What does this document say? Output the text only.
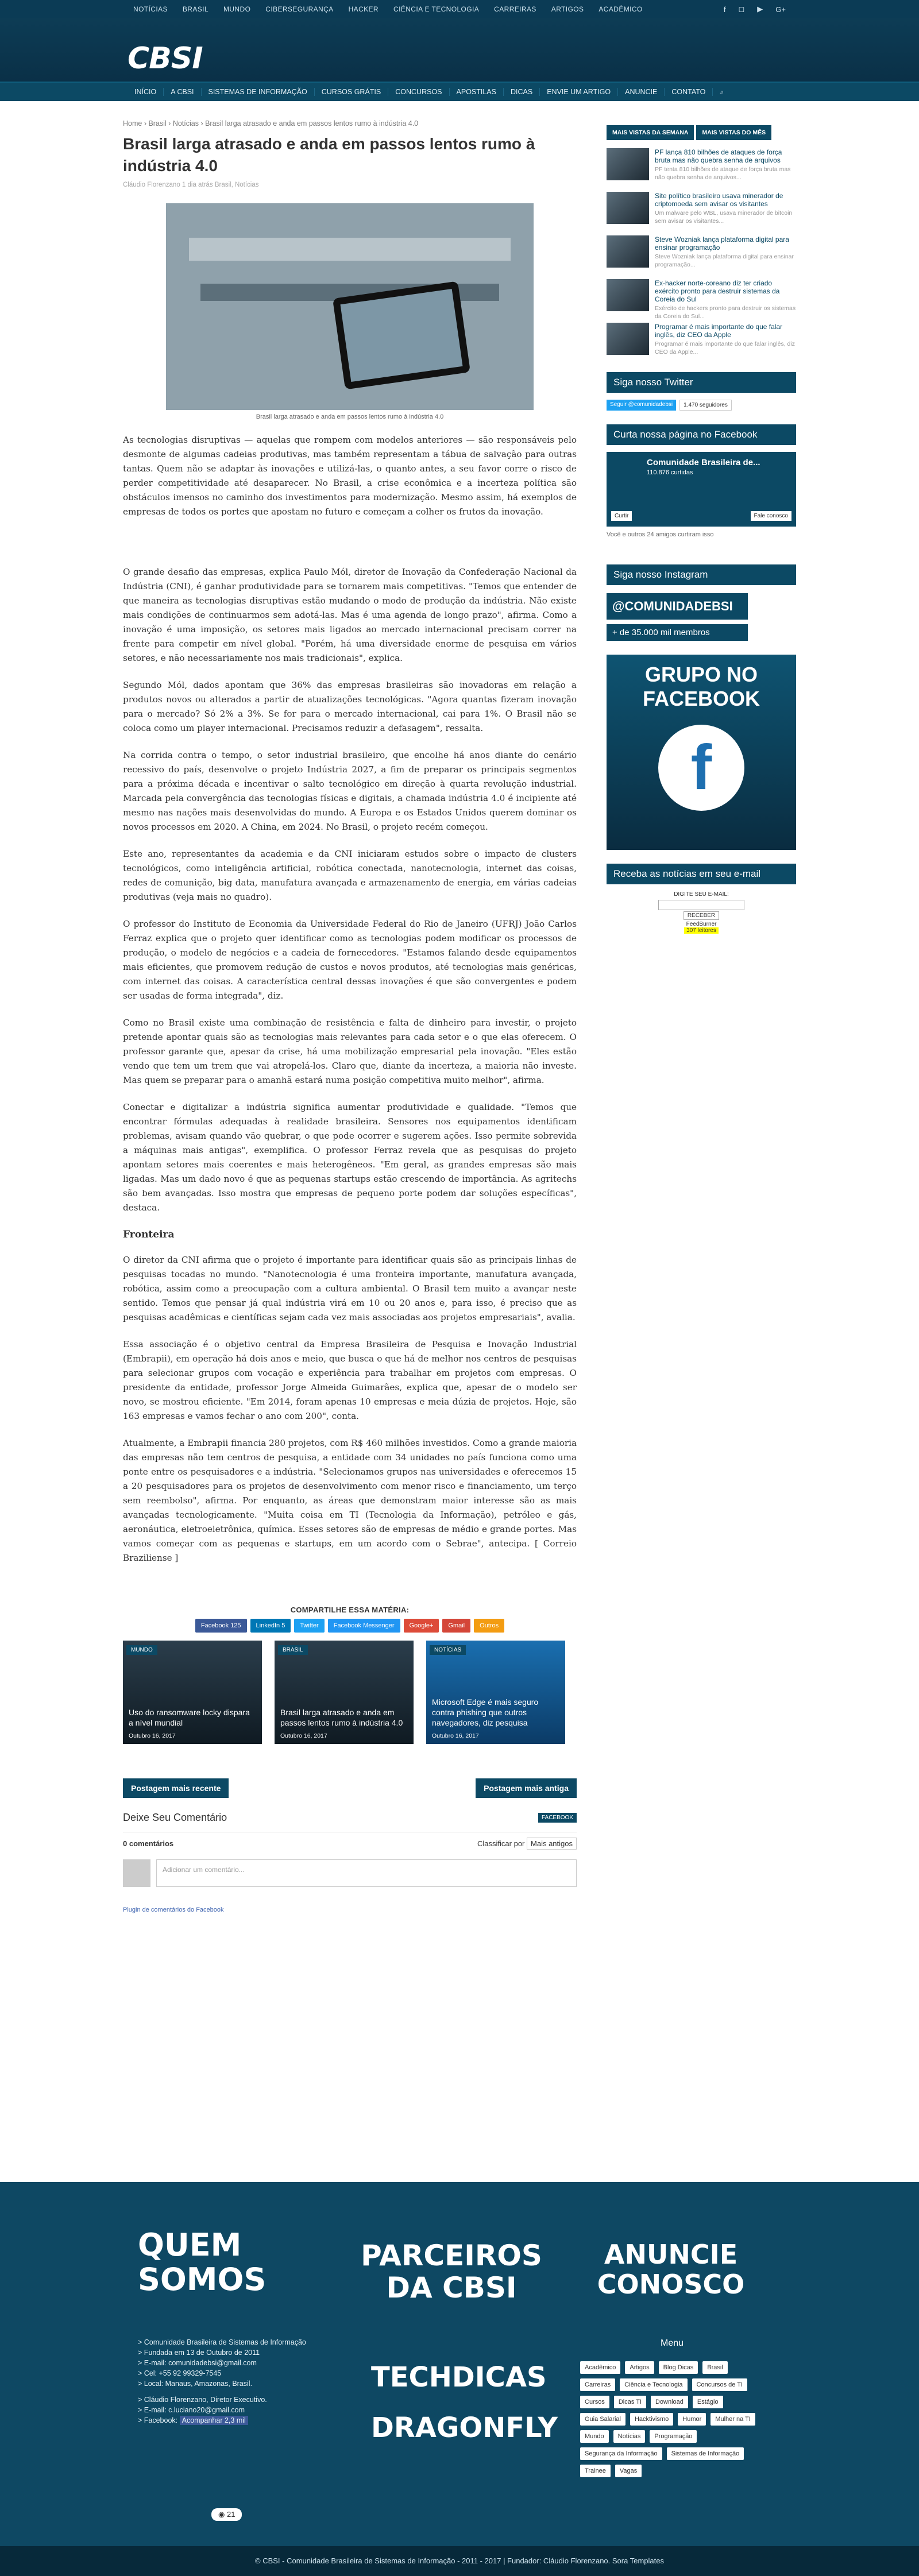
NOTÍCIAS BRASIL MUNDO CIBERSEGURANÇA HACKER CIÊNCIA E TECNOLOGIA CARREIRAS ARTIGOS ACADÊMICO	f ◻ ▶ G+
CBSI
INÍCIO	A CBSI	SISTEMAS DE INFORMAÇÃO	CURSOS GRÁTIS	CONCURSOS	APOSTILAS	DICAS	ENVIE UM ARTIGO	ANUNCIE	CONTATO	⌕
Home › Brasil › Notícias › Brasil larga atrasado e anda em passos lentos rumo à indústria 4.0
Brasil larga atrasado e anda em passos lentos rumo à indústria 4.0
Cláudio Florenzano 1 dia atrás Brasil, Notícias
Brasil larga atrasado e anda em passos lentos rumo à indústria 4.0

As tecnologias disruptivas — aquelas que rompem com modelos anteriores — são responsáveis pelo desmonte de algumas cadeias produtivas, mas também representam a tábua de salvação para outras tantas. Quem não se adaptar às inovações e utilizá-las, o quanto antes, a seu favor corre o risco de perder competitividade até desaparecer. No Brasil, a crise econômica e a incerteza política são obstáculos imensos no caminho dos investimentos para modernização. Mesmo assim, há exemplos de empresas de todos os portes que apostam no futuro e começam a colher os frutos da inovação.

O grande desafio das empresas, explica Paulo Mól, diretor de Inovação da Confederação Nacional da Indústria (CNI), é ganhar produtividade para se tornarem mais competitivas. "Temos que entender de que maneira as tecnologias disruptivas estão mudando o modo de produção da indústria. Não existe mais condições de continuarmos sem adotá-las. Mas é uma agenda de longo prazo", afirma. Como a inovação é uma imposição, os setores mais ligados ao mercado internacional precisam correr na frente para competir em nível global. "Porém, há uma diversidade enorme de pesquisa em vários setores, e não necessariamente nos mais tradicionais", explica.

Segundo Mól, dados apontam que 36% das empresas brasileiras são inovadoras em relação a produtos novos ou alterados a partir de atualizações tecnológicas. "Agora quantas fizeram inovação para o mercado? Só 2% a 3%. Se for para o mercado internacional, cai para 1%. O Brasil não se coloca como um player internacional. Precisamos reduzir a defasagem", ressalta.

Na corrida contra o tempo, o setor industrial brasileiro, que encolhe há anos diante do cenário recessivo do país, desenvolve o projeto Indústria 2027, a fim de preparar os principais segmentos para a próxima década e incentivar o salto tecnológico em direção à quarta revolução industrial. Marcada pela convergência das tecnologias físicas e digitais, a chamada indústria 4.0 é incipiente até mesmo nas nações mais desenvolvidas do mundo. A Europa e os Estados Unidos querem dominar os novos processos em 2020. A China, em 2024. No Brasil, o projeto recém começou.

Este ano, representantes da academia e da CNI iniciaram estudos sobre o impacto de clusters tecnológicos, como inteligência artificial, robótica conectada, nanotecnologia, internet das coisas, redes de comunição, big data, manufatura avançada e armazenamento de energia, em várias cadeias produtivas (veja mais no quadro).

O professor do Instituto de Economia da Universidade Federal do Rio de Janeiro (UFRJ) João Carlos Ferraz explica que o projeto quer identificar como as tecnologias podem modificar os processos de produção, o modelo de negócios e a cadeia de fornecedores. "Estamos falando desde equipamentos mais eficientes, que promovem redução de custos e novos produtos, até tecnologias mais genéricas, com internet das coisas. A característica central dessas inovações é que são convergentes e podem ser usadas de forma integrada", diz.

Como no Brasil existe uma combinação de resistência e falta de dinheiro para investir, o projeto pretende apontar quais são as tecnologias mais relevantes para cada setor e o que elas oferecem. O professor garante que, apesar da crise, há uma mobilização empresarial pela inovação. "Eles estão vendo que tem um trem que vai atropelá-los. Claro que, diante da incerteza, a maioria não investe. Mas quem se preparar para o amanhã estará numa posição competitiva muito melhor", afirma.

Conectar e digitalizar a indústria significa aumentar produtividade e qualidade. "Temos que encontrar fórmulas adequadas à realidade brasileira. Sensores nos equipamentos identificam problemas, avisam quando vão quebrar, o que pode ocorrer e sugerem ações. Isso permite sobrevida a máquinas mais antigas", exemplifica. O professor Ferraz revela que as pesquisas do projeto apontam setores mais coerentes e mais heterogêneos. "Em geral, as grandes empresas são mais ligadas. Mas um dado novo é que as pequenas startups estão crescendo de importância. As agritechs são bem avançadas. Isso mostra que empresas de pequeno porte podem dar soluções específicas", destaca.

Fronteira

O diretor da CNI afirma que o projeto é importante para identificar quais são as principais linhas de pesquisas tocadas no mundo. "Nanotecnologia é uma fronteira importante, manufatura avançada, robótica, assim como a preocupação com a cultura ambiental. O Brasil tem muito a avançar neste sentido. Temos que pensar já qual indústria virá em 10 ou 20 anos e, para isso, é preciso que as pesquisas acadêmicas e científicas sejam cada vez mais associadas aos projetos empresariais", avalia.

Essa associação é o objetivo central da Empresa Brasileira de Pesquisa e Inovação Industrial (Embrapii), em operação há dois anos e meio, que busca o que há de melhor nos centros de pesquisas para selecionar grupos com vocação e experiência para trabalhar em projetos com empresas. O presidente da entidade, professor Jorge Almeida Guimarães, explica que, apesar de o modelo ser novo, se mostrou eficiente. "Em 2014, foram apenas 10 empresas e meia dúzia de projetos. Hoje, são 163 empresas e vamos fechar o ano com 200", conta.

Atualmente, a Embrapii financia 280 projetos, com R$ 460 milhões investidos. Como a grande maioria das empresas não tem centros de pesquisa, a entidade com 34 unidades no país funciona como uma ponte entre os pesquisadores e a indústria. "Selecionamos grupos nas universidades e oferecemos 15 a 20 pesquisadores para os projetos de desenvolvimento com menor risco e financiamento, um terço sem reembolso", afirma. Por enquanto, as áreas que demonstram maior interesse são as mais avançadas tecnologicamente. "Muita coisa em TI (Tecnologia da Informação), petróleo e gás, aeronáutica, eletroeletrônica, química. Esses setores são de empresas de médio e grande portes. Mas vamos começar com as pequenas e startups, em um acordo com o Sebrae", antecipa. [ Correio Braziliense ]

COMPARTILHE ESSA MATÉRIA:
Facebook 125	LinkedIn 5	Twitter	Facebook Messenger	Google+	Gmail	Outros
MUNDO
Uso do ransomware locky dispara a nível mundial
Outubro 16, 2017
BRASIL
Brasil larga atrasado e anda em passos lentos rumo à indústria 4.0
Outubro 16, 2017
NOTÍCIAS
Microsoft Edge é mais seguro contra phishing que outros navegadores, diz pesquisa
Outubro 16, 2017
Postagem mais recente	Postagem mais antiga
Deixe Seu Comentário	FACEBOOK
0 comentários	Classificar por Mais antigos
Adicionar um comentário...
Plugin de comentários do Facebook
MAIS VISTAS DA SEMANA	MAIS VISTAS DO MÊS
PF lança 810 bilhões de ataques de força bruta mas não quebra senha de arquivos
PF tenta 810 bilhões de ataque de força bruta mas não quebra senha de arquivos...
Site político brasileiro usava minerador de criptomoeda sem avisar os visitantes
Um malware pelo WBL, usava minerador de bitcoin sem avisar os visitantes...
Steve Wozniak lança plataforma digital para ensinar programação
Steve Wozniak lança plataforma digital para ensinar programação...
Ex-hacker norte-coreano diz ter criado exército pronto para destruir sistemas da Coreia do Sul
Exército de hackers pronto para destruir os sistemas da Coreia do Sul...
Programar é mais importante do que falar inglês, diz CEO da Apple
Programar é mais importante do que falar inglês, diz CEO da Apple...
Siga nosso Twitter
Seguir @comunidadebsi	1.470 seguidores
Curta nossa página no Facebook
Comunidade Brasileira de...
110.876 curtidas
Curtir	Fale conosco
Você e outros 24 amigos curtiram isso
Siga nosso Instagram
@COMUNIDADEBSI
+ de 35.000 mil membros
GRUPO NO FACEBOOK
f
Receba as notícias em seu e-mail
DIGITE SEU E-MAIL:
RECEBER
FeedBurner
307 leitores
QUEM SOMOS
> Comunidade Brasileira de Sistemas de Informação
> Fundada em 13 de Outubro de 2011
> E-mail: comunidadebsi@gmail.com
> Cel: +55 92 99329-7545
> Local: Manaus, Amazonas, Brasil.
> Cláudio Florenzano, Diretor Executivo.
> E-mail: c.luciano20@gmail.com
> Facebook: Acompanhar 2,3 mil
PARCEIROS DA CBSI
TECHDICAS
DRAGONFLY
ANUNCIE CONOSCO
Menu
Acadêmico	Artigos	Blog Dicas	Brasil
Carreiras	Ciência e Tecnologia	Concursos de TI
Cursos	Dicas TI	Download	Estágio
Guia Salarial	Hacktivismo	Humor	Mulher na TI
Mundo	Notícias	Programação
Segurança da Informação	Sistemas de Informação
Trainee	Vagas
◉ 21
© CBSI - Comunidade Brasileira de Sistemas de Informação - 2011 - 2017 | Fundador: Cláudio Florenzano. Sora Templates
